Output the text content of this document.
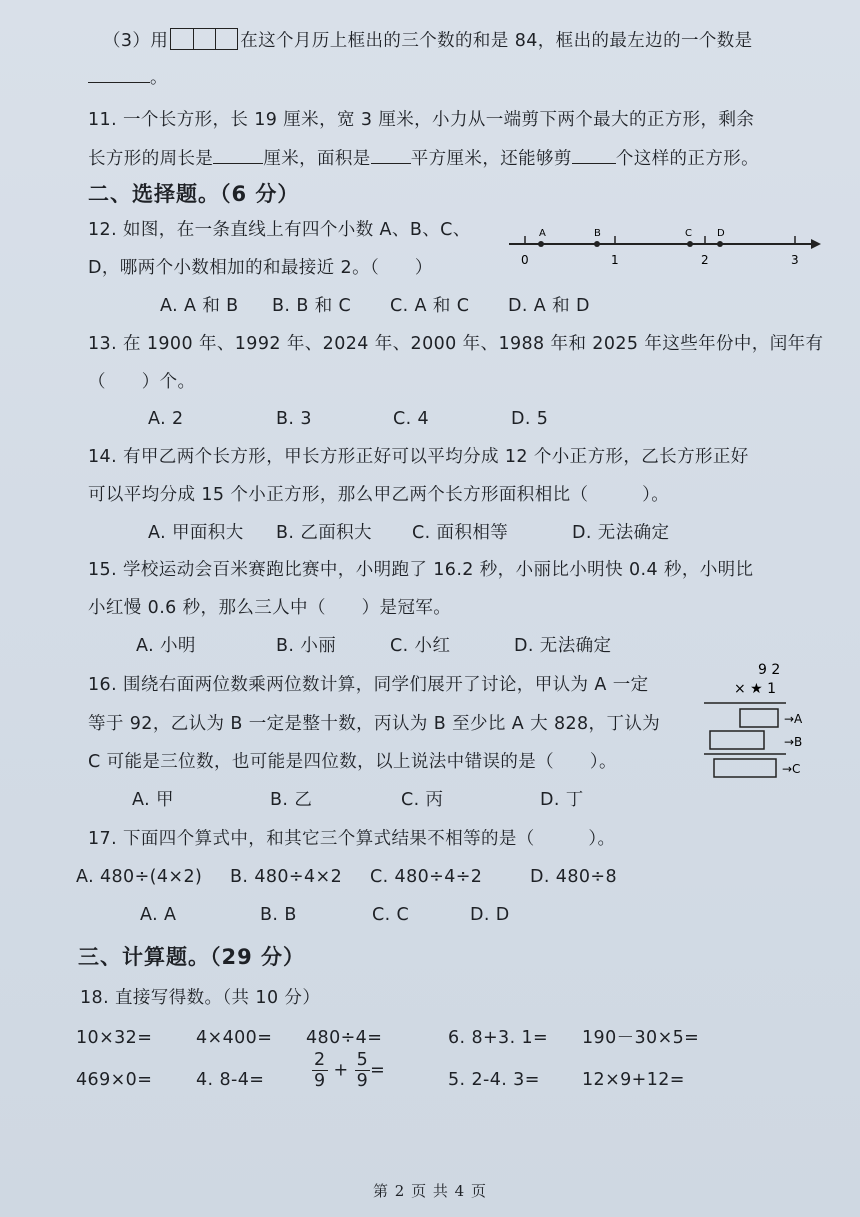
（3）用	在这个月历上框出的三个数的和是 84，框出的最左边的一个数是
。
11. 一个长方形，长 19 厘米，宽 3 厘米，小力从一端剪下两个最大的正方形，剩余
长方形的周长是	厘米，面积是 平方厘米，还能够剪	个这样的正方形。
二、选择题。（6 分）
12. 如图，在一条直线上有四个小数 A、B、C、
D，哪两个小数相加的和最接近 2。（　　）
A	B	C	D
0	1	2	3
A. A 和 B B. B 和 C C. A 和 C D. A 和 D
13. 在 1900 年、1992 年、2024 年、2000 年、1988 年和 2025 年这些年份中，闰年有
（　　）个。
A. 2	B. 3	C. 4	D. 5
14. 有甲乙两个长方形，甲长方形正好可以平均分成 12 个小正方形，乙长方形正好
可以平均分成 15 个小正方形，那么甲乙两个长方形面积相比（　　　）。
A. 甲面积大 B. 乙面积大 C. 面积相等	D. 无法确定
15. 学校运动会百米赛跑比赛中，小明跑了 16.2 秒，小丽比小明快 0.4 秒，小明比
小红慢 0.6 秒，那么三人中（　　）是冠军。
A. 小明	B. 小丽	C. 小红	D. 无法确定
16. 围绕右面两位数乘两位数计算，同学们展开了讨论，甲认为 A 一定
等于 92，乙认为 B 一定是整十数，丙认为 B 至少比 A 大 828，丁认为
C 可能是三位数，也可能是四位数，以上说法中错误的是（　　）。
9 2
× ★ 1
→A
→B
→C
A. 甲	B. 乙	C. 丙	D. 丁
17. 下面四个算式中，和其它三个算式结果不相等的是（　　　）。
A. 480÷(4×2) B. 480÷4×2 C. 480÷4÷2	D. 480÷8
A. A	B. B	C. C	D. D
三、计算题。（29 分）
18. 直接写得数。（共 10 分）
10×32= 4×400= 480÷4=	6. 8+3. 1= 190－30×5=
469×0= 4. 8-4=	$\frac{2}{9} + \frac{5}{9}$ =	5. 2-4. 3= 12×9+12=
第 2 页 共 4 页
